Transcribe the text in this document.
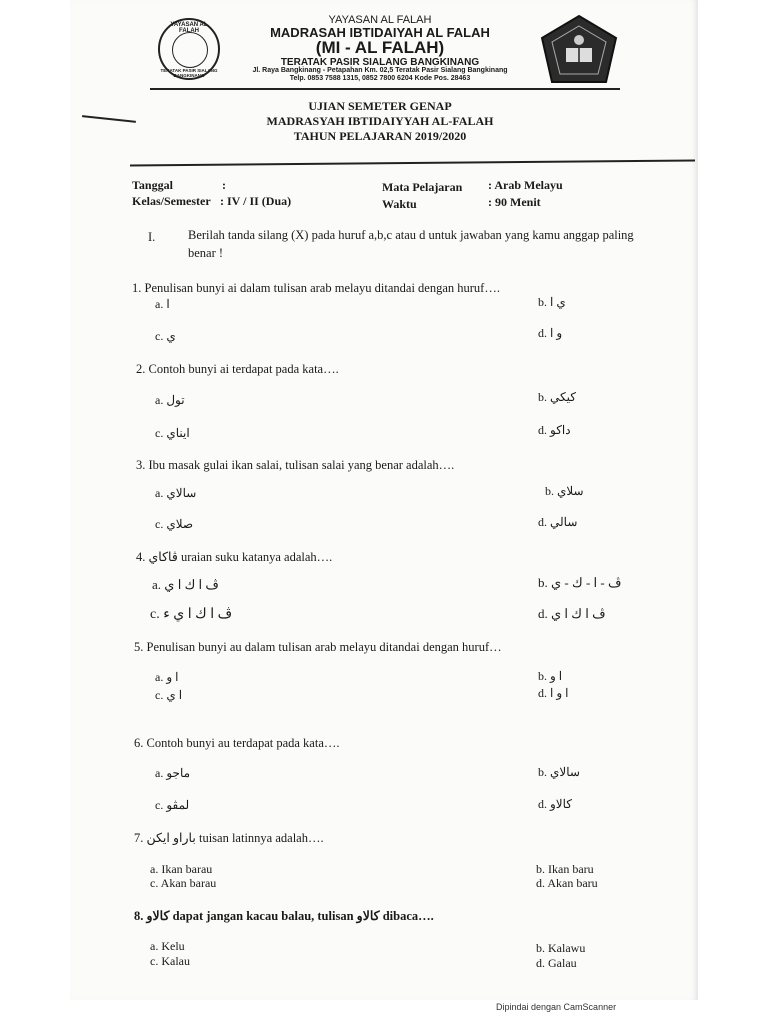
YAYASAN AL FALAH
TERATAK PASIR SIALANG BANGKINANG
YAYASAN AL FALAH
MADRASAH IBTIDAIYAH AL FALAH
(MI - AL FALAH)
TERATAK PASIR SIALANG BANGKINANG
Jl. Raya Bangkinang - Petapahan Km. 02,5 Teratak Pasir Sialang Bangkinang
Telp. 0853 7588 1315, 0852 7800 6204 Kode Pos. 28463
UJIAN SEMETER GENAP
MADRASYAH IBTIDAIYYAH AL-FALAH
TAHUN PELAJARAN 2019/2020
Tanggal	:
Kelas/Semester : IV / II (Dua)
Mata Pelajaran : Arab Melayu
Waktu	: 90 Menit
I.	Berilah tanda silang (X) pada huruf a,b,c atau d untuk jawaban yang kamu anggap paling
benar !
1. Penulisan bunyi ai dalam tulisan arab melayu ditandai dengan huruf….
a. ا	b. ي ا
c. ي	d. و ا
2. Contoh bunyi ai terdapat pada kata….
a. تول	b. كيكي
c. ايناي	d. داكو
3. Ibu masak gulai ikan salai, tulisan salai yang benar adalah….
a. سالاي	b. سلاي
c. صلاي	d. سالي
4. ڤاكاي uraian suku katanya adalah….
a. ڤ ا ك ا ي	b. ڤ - ا - ك - ي
c. ڤ ا ك ا ي ء	d. ڤ ا ك ا ي
5. Penulisan bunyi au dalam tulisan arab melayu ditandai dengan huruf…
a. ا و	b. ا و
c. ا ي	d. ا و ا
6. Contoh bunyi au terdapat pada kata….
a. ماجو	b. سالاي
c. لمڤو	d. كالاو
7. باراو ايكن tuisan latinnya adalah….
a. Ikan barau	b. Ikan baru
c. Akan barau	d. Akan baru
8. كالاو dapat jangan kacau balau, tulisan كالاو dibaca….
a. Kelu	b. Kalawu
c. Kalau	d. Galau
Dipindai dengan CamScanner
